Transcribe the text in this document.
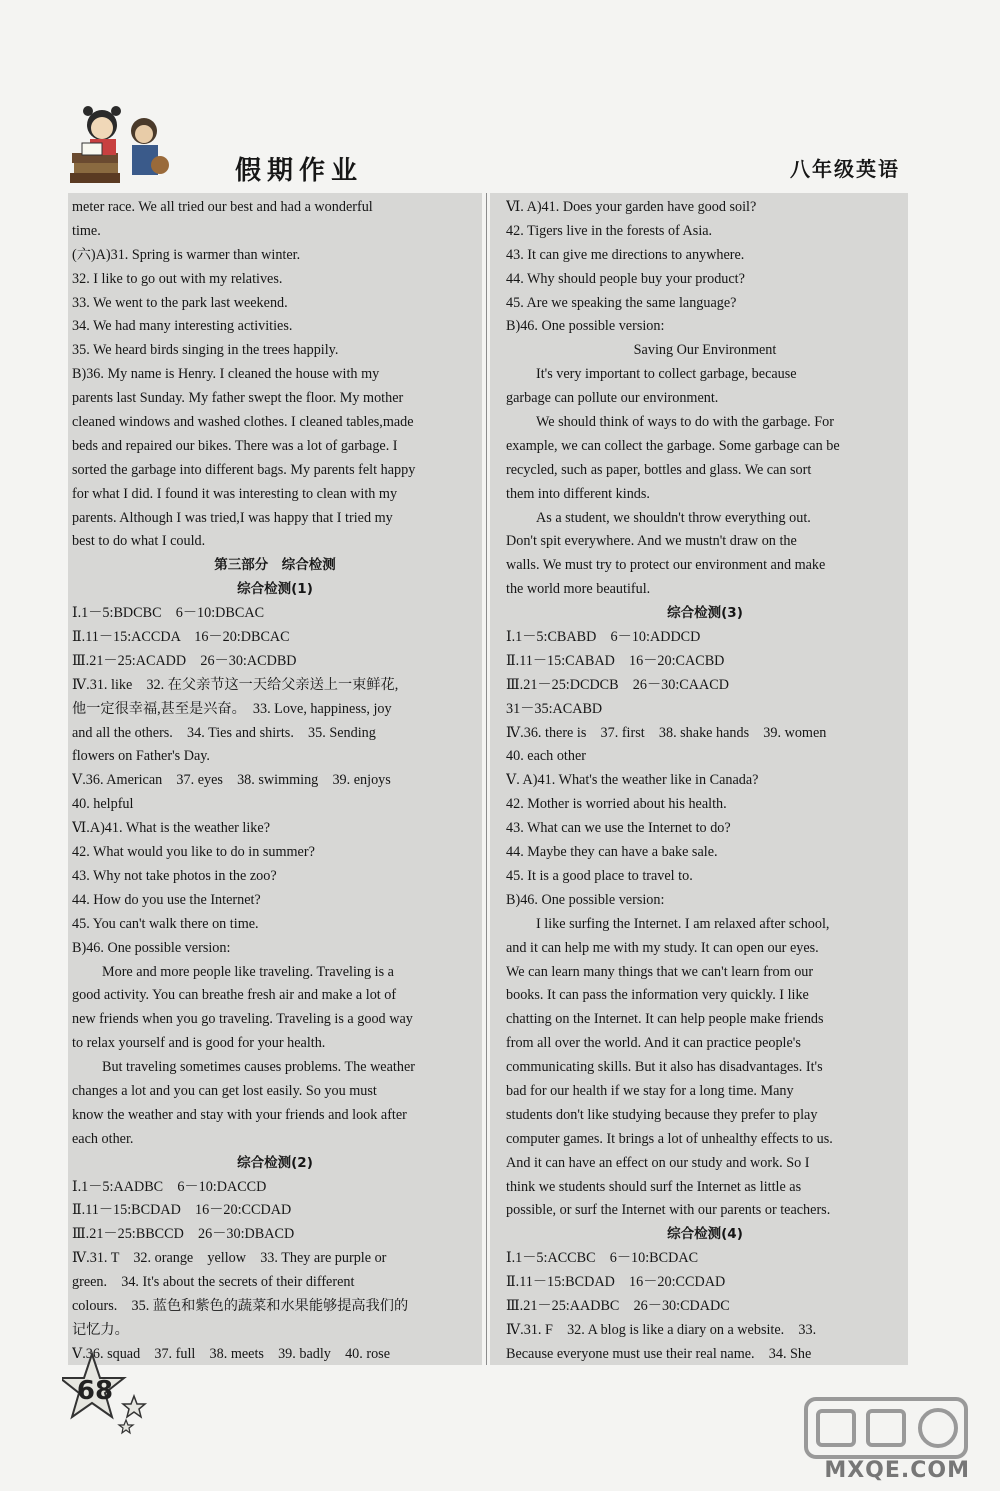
假期作业	八年级英语
meter race. We all tried our best and had a wonderful
time.
(六)A)31. Spring is warmer than winter.
32. I like to go out with my relatives.
33. We went to the park last weekend.
34. We had many interesting activities.
35. We heard birds singing in the trees happily.
B)36. My name is Henry. I cleaned the house with my
parents last Sunday. My father swept the floor. My mother
cleaned windows and washed clothes. I cleaned tables,made
beds and repaired our bikes. There was a lot of garbage. I
sorted the garbage into different bags. My parents felt happy
for what I did. I found it was interesting to clean with my
parents. Although I was tried,I was happy that I tried my
best to do what I could.
第三部分　综合检测
综合检测(1)
Ⅰ.1－5:BDCBC　6－10:DBCAC
Ⅱ.11－15:ACCDA　16－20:DBCAC
Ⅲ.21－25:ACADD　26－30:ACDBD
Ⅳ.31. like　32. 在父亲节这一天给父亲送上一束鲜花,
他一定很幸福,甚至是兴奋。　33. Love, happiness, joy
and all the others.　34. Ties and shirts.　35. Sending
flowers on Father's Day.
Ⅴ.36. American　37. eyes　38. swimming　39. enjoys
40. helpful
Ⅵ.A)41. What is the weather like?
42. What would you like to do in summer?
43. Why not take photos in the zoo?
44. How do you use the Internet?
45. You can't walk there on time.
B)46. One possible version:
More and more people like traveling. Traveling is a
good activity. You can breathe fresh air and make a lot of
new friends when you go traveling. Traveling is a good way
to relax yourself and is good for your health.
But traveling sometimes causes problems. The weather
changes a lot and you can get lost easily. So you must
know the weather and stay with your friends and look after
each other.
综合检测(2)
Ⅰ.1－5:AADBC　6－10:DACCD
Ⅱ.11－15:BCDAD　16－20:CCDAD
Ⅲ.21－25:BBCCD　26－30:DBACD
Ⅳ.31. T　32. orange　yellow　33. They are purple or
green.　34. It's about the secrets of their different
colours.　35. 蓝色和紫色的蔬菜和水果能够提高我们的
记忆力。
Ⅴ.36. squad　37. full　38. meets　39. badly　40. rose
Ⅵ. A)41. Does your garden have good soil?
42. Tigers live in the forests of Asia.
43. It can give me directions to anywhere.
44. Why should people buy your product?
45. Are we speaking the same language?
B)46. One possible version:
Saving Our Environment
It's very important to collect garbage, because
garbage can pollute our environment.
We should think of ways to do with the garbage. For
example, we can collect the garbage. Some garbage can be
recycled, such as paper, bottles and glass. We can sort
them into different kinds.
As a student, we shouldn't throw everything out.
Don't spit everywhere. And we mustn't draw on the
walls. We must try to protect our environment and make
the world more beautiful.
综合检测(3)
Ⅰ.1－5:CBABD　6－10:ADDCD
Ⅱ.11－15:CABAD　16－20:CACBD
Ⅲ.21－25:DCDCB　26－30:CAACD
31－35:ACABD
Ⅳ.36. there is　37. first　38. shake hands　39. women
40. each other
Ⅴ. A)41. What's the weather like in Canada?
42. Mother is worried about his health.
43. What can we use the Internet to do?
44. Maybe they can have a bake sale.
45. It is a good place to travel to.
B)46. One possible version:
I like surfing the Internet. I am relaxed after school,
and it can help me with my study. It can open our eyes.
We can learn many things that we can't learn from our
books. It can pass the information very quickly. I like
chatting on the Internet. It can help people make friends
from all over the world. And it can practice people's
communicating skills. But it also has disadvantages. It's
bad for our health if we stay for a long time. Many
students don't like studying because they prefer to play
computer games. It brings a lot of unhealthy effects to us.
And it can have an effect on our study and work. So I
think we students should surf the Internet as little as
possible, or surf the Internet with our parents or teachers.
综合检测(4)
Ⅰ.1－5:ACCBC　6－10:BCDAC
Ⅱ.11－15:BCDAD　16－20:CCDAD
Ⅲ.21－25:AADBC　26－30:CDADC
Ⅳ.31. F　32. A blog is like a diary on a website.　33.
Because everyone must use their real name.　34. She
68
MXQE.COM
